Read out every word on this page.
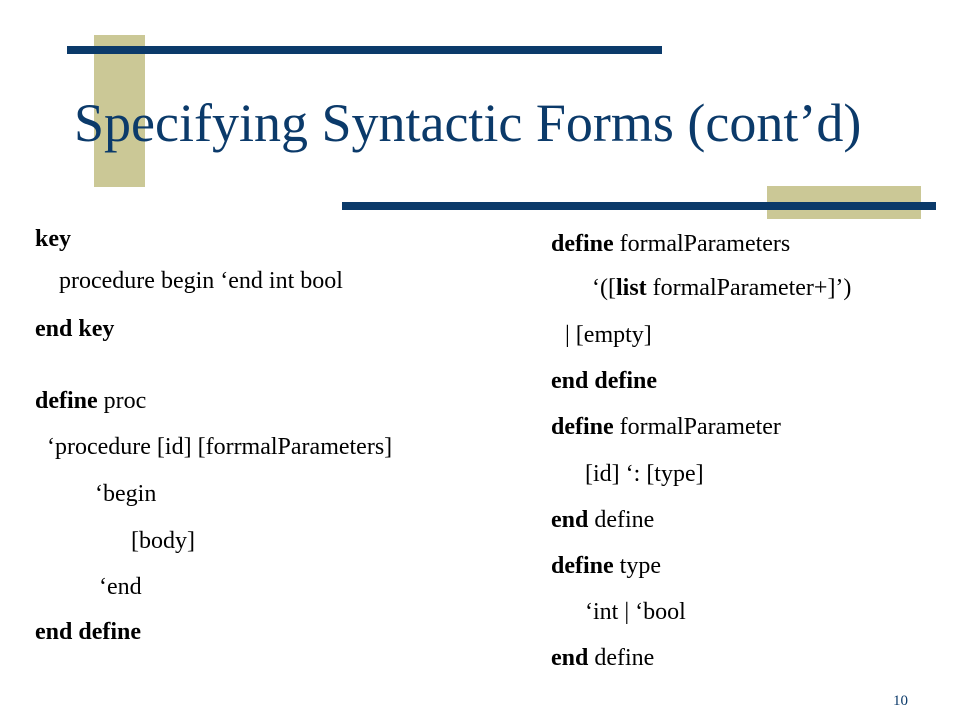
Specifying Syntactic Forms (cont’d)

key

procedure begin ‘end int bool

end key

define proc

‘procedure [id] [forrmalParameters]

‘begin

[body]

‘end

end define

define formalParameters

‘([list formalParameter+]’)

| [empty]

end define

define formalParameter

[id] ‘: [type]

end define

define type

‘int | ‘bool

end define

10
